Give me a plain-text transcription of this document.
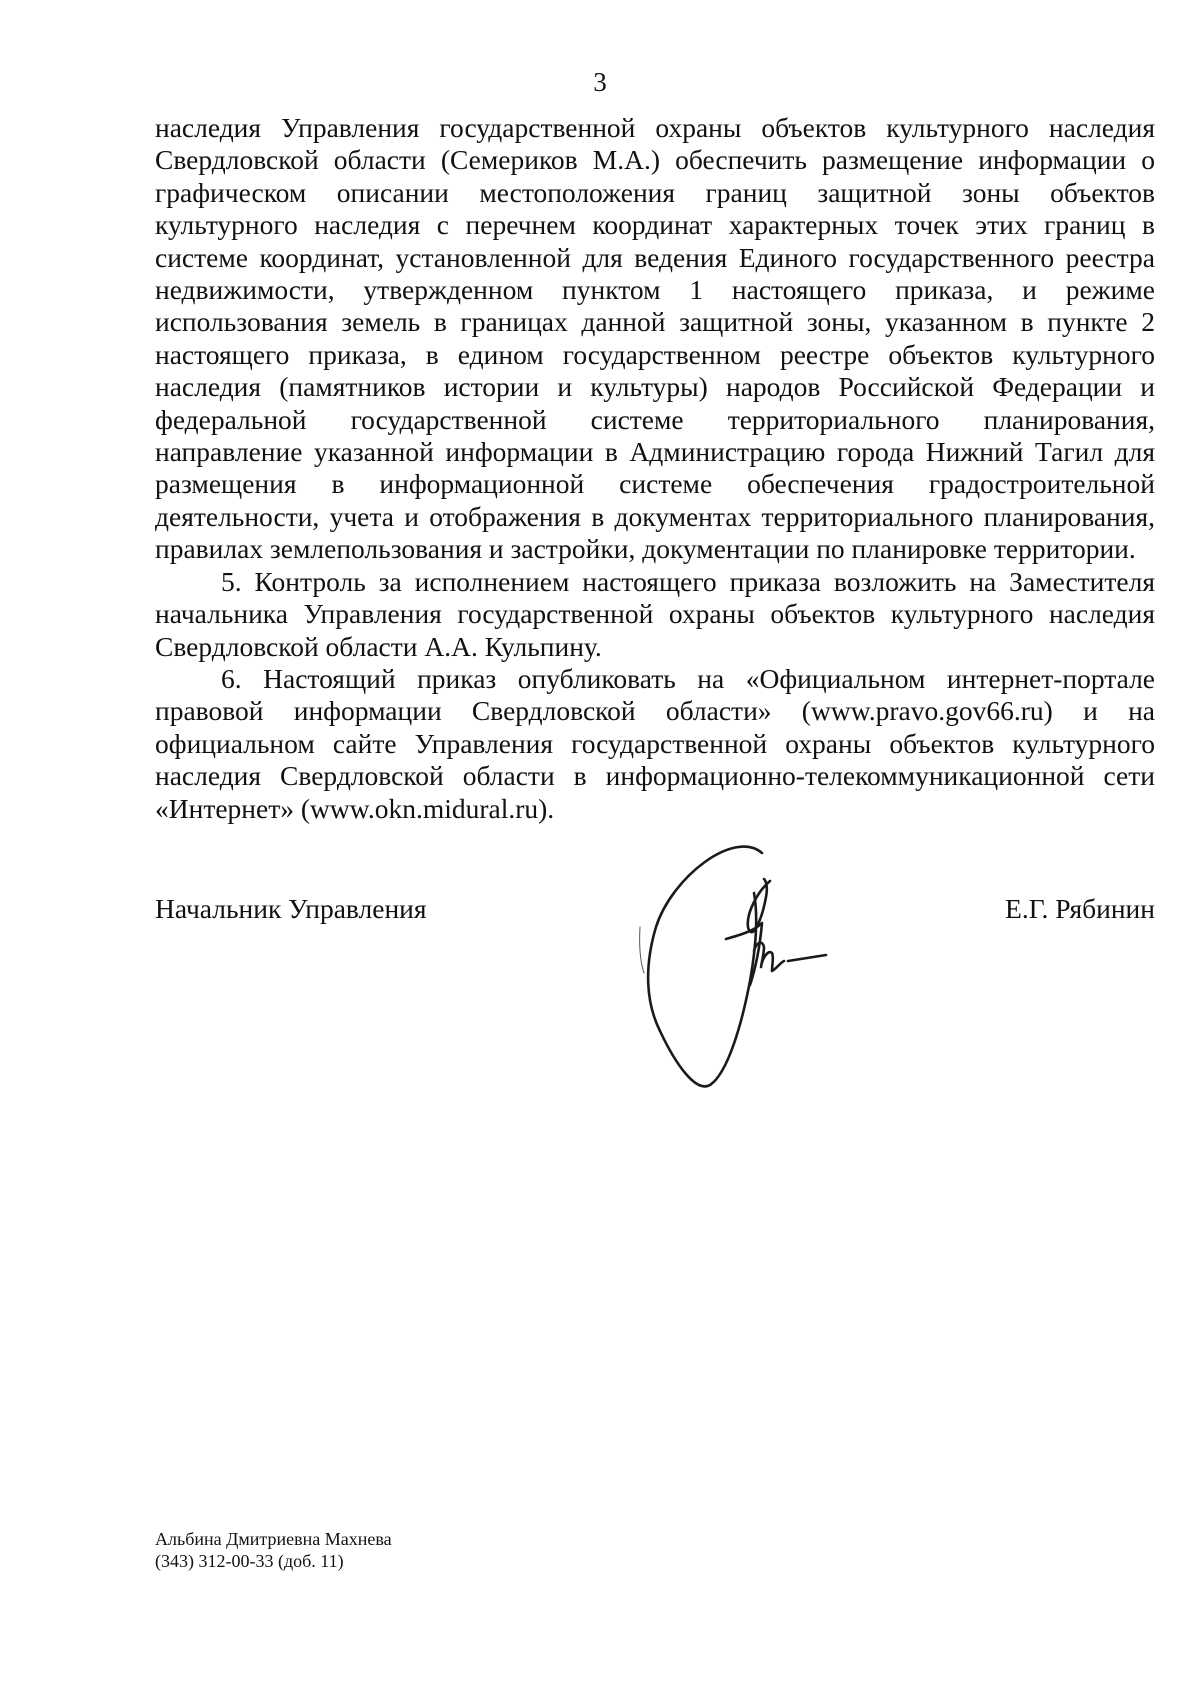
3

наследия Управления государственной охраны объектов культурного наследия Свердловской области (Семериков М.А.) обеспечить размещение информации о графическом описании местоположения границ защитной зоны объектов культурного наследия с перечнем координат характерных точек этих границ в системе координат, установленной для ведения Единого государственного реестра недвижимости, утвержденном пунктом 1 настоящего приказа, и режиме использования земель в границах данной защитной зоны, указанном в пункте 2 настоящего приказа, в едином государственном реестре объектов культурного наследия (памятников истории и культуры) народов Российской Федерации и федеральной государственной системе территориального планирования, направление указанной информации в Администрацию города Нижний Тагил для размещения в информационной системе обеспечения градостроительной деятельности, учета и отображения в документах территориального планирования, правилах землепользования и застройки, документации по планировке территории.

5. Контроль за исполнением настоящего приказа возложить на Заместителя начальника Управления государственной охраны объектов культурного наследия Свердловской области А.А. Кульпину.

6. Настоящий приказ опубликовать на «Официальном интернет-портале правовой информации Свердловской области» (www.pravo.gov66.ru) и на официальном сайте Управления государственной охраны объектов культурного наследия Свердловской области в информационно-телекоммуникационной сети «Интернет» (www.okn.midural.ru).

Начальник Управления	Е.Г. Рябинин
Альбина Дмитриевна Махнева
(343) 312-00-33 (доб. 11)
